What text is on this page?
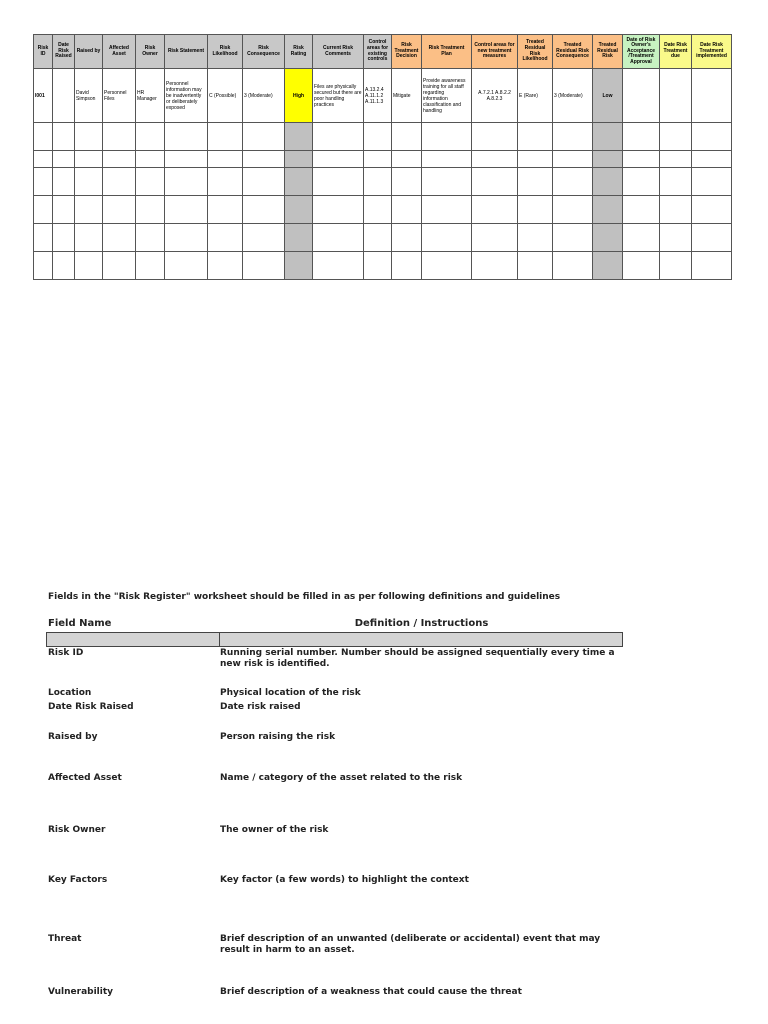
Risk ID	Date Risk Raised	Raised by	Affected Asset	Risk Owner	Risk Statement	Risk Likelihood	Risk Consequence	Risk Rating	Current Risk Comments	Control areas for existing controls	Risk Treatment Decision	Risk Treatment Plan	Control areas for new treatment measures	Treated Residual Risk Likelihood	Treated Residual Risk Consequence	Treated Residual Risk	Date of Risk Owner's Acceptance /Treatment Approval	Date Risk Treatment due	Date Risk Treatment implemented
I001		David Simpson	Personnel Files	HR Manager	Personnel information may be inadvertently or deliberately exposed	C (Possible)	3 (Moderate)	High	Files are physically secured but there are poor handling practices	A.13.2.4 A.11.1.2 A.11.1.3	Mitigate	Provide awareness training for all staff regarding information classification and handling	A.7.2.1 A.8.2.2 A.8.2.3	E (Rare)	3 (Moderate)	Low			

Fields in the "Risk Register" worksheet should be filled in as per following definitions and guidelines
Field Name	Definition / Instructions
Risk ID	Running serial number. Number should be assigned sequentially every time a new risk is identified.
Location	Physical location of the risk
Date Risk Raised	Date risk raised
Raised by	Person raising the risk
Affected Asset	Name / category of the asset related to the risk
Risk Owner	The owner of the risk
Key Factors	Key factor (a few words) to highlight the context
Threat	Brief description of an unwanted (deliberate or accidental) event that may result in harm to an asset.
Vulnerability	Brief description of a weakness that could cause the threat
